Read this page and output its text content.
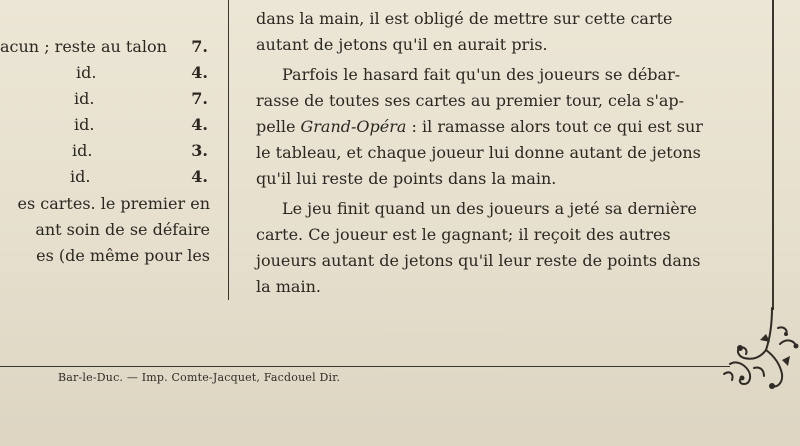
acun ; reste au talon 7.
id.	4.
id.	7.
id.	4.
id.	3.
id.	4.
es cartes. le premier en
ant soin de se défaire
es (de même pour les
dans la main, il est obligé de mettre sur cette carte
autant de jetons qu'il en aurait pris.
Parfois le hasard fait qu'un des joueurs se débar-
rasse de toutes ses cartes au premier tour, cela s'ap-
pelle Grand-Opéra : il ramasse alors tout ce qui est sur
le tableau, et chaque joueur lui donne autant de jetons
qu'il lui reste de points dans la main.
Le jeu finit quand un des joueurs a jeté sa dernière
carte. Ce joueur est le gagnant; il reçoit des autres
joueurs autant de jetons qu'il leur reste de points dans
la main.
Bar-le-Duc. — Imp. Comte-Jacquet, Facdouel Dir.
